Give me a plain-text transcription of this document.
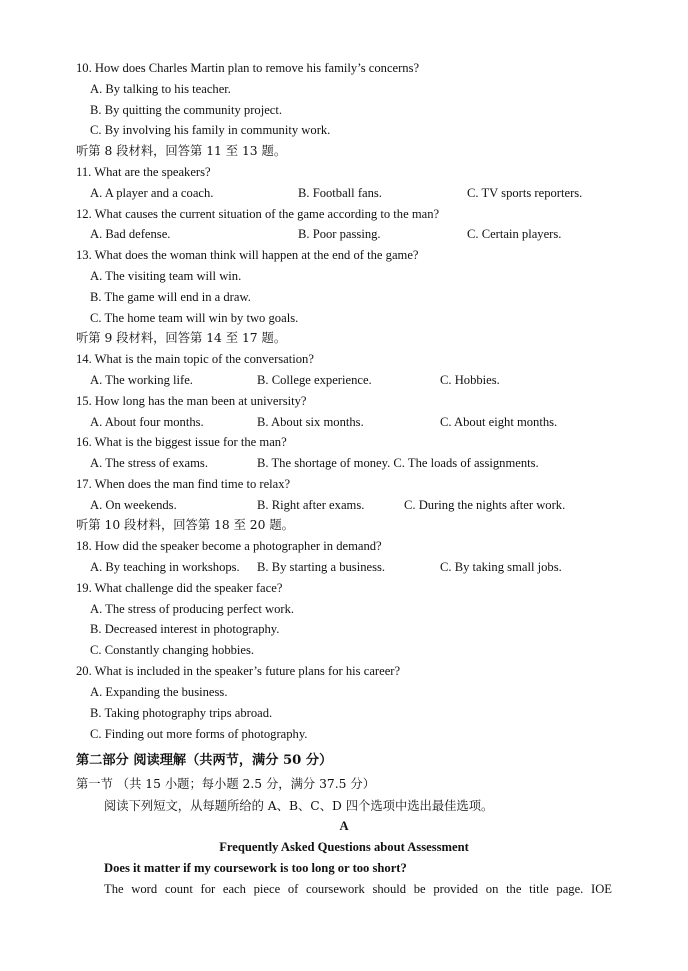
10. How does Charles Martin plan to remove his family’s concerns?
A. By talking to his teacher.
B. By quitting the community project.
C. By involving his family in community work.
听第 8 段材料，回答第 11 至 13 题。
11. What are the speakers?
A. A player and a coach.	B. Football fans.	C. TV sports reporters.
12. What causes the current situation of the game according to the man?
A. Bad defense.	B. Poor passing.	C. Certain players.
13. What does the woman think will happen at the end of the game?
A. The visiting team will win.
B. The game will end in a draw.
C. The home team will win by two goals.
听第 9 段材料，回答第 14 至 17 题。
14. What is the main topic of the conversation?
A. The working life.	B. College experience.	C. Hobbies.
15. How long has the man been at university?
A. About four months.	B. About six months.	C. About eight months.
16. What is the biggest issue for the man?
A. The stress of exams.	B. The shortage of money. C. The loads of assignments.
17. When does the man find time to relax?
A. On weekends.	B. Right after exams.	C. During the nights after work.
听第 10 段材料，回答第 18 至 20 题。
18. How did the speaker become a photographer in demand?
A. By teaching in workshops. B. By starting a business.	C. By taking small jobs.
19. What challenge did the speaker face?
A. The stress of producing perfect work.
B. Decreased interest in photography.
C. Constantly changing hobbies.
20. What is included in the speaker’s future plans for his career?
A. Expanding the business.
B. Taking photography trips abroad.
C. Finding out more forms of photography.
第二部分 阅读理解（共两节，满分 50 分）
第一节 （共 15 小题；每小题 2.5 分，满分 37.5 分）
阅读下列短文，从每题所给的 A、B、C、D 四个选项中选出最佳选项。
A
Frequently Asked Questions about Assessment
Does it matter if my coursework is too long or too short?
The word count for each piece of coursework should be provided on the title page. IOE
